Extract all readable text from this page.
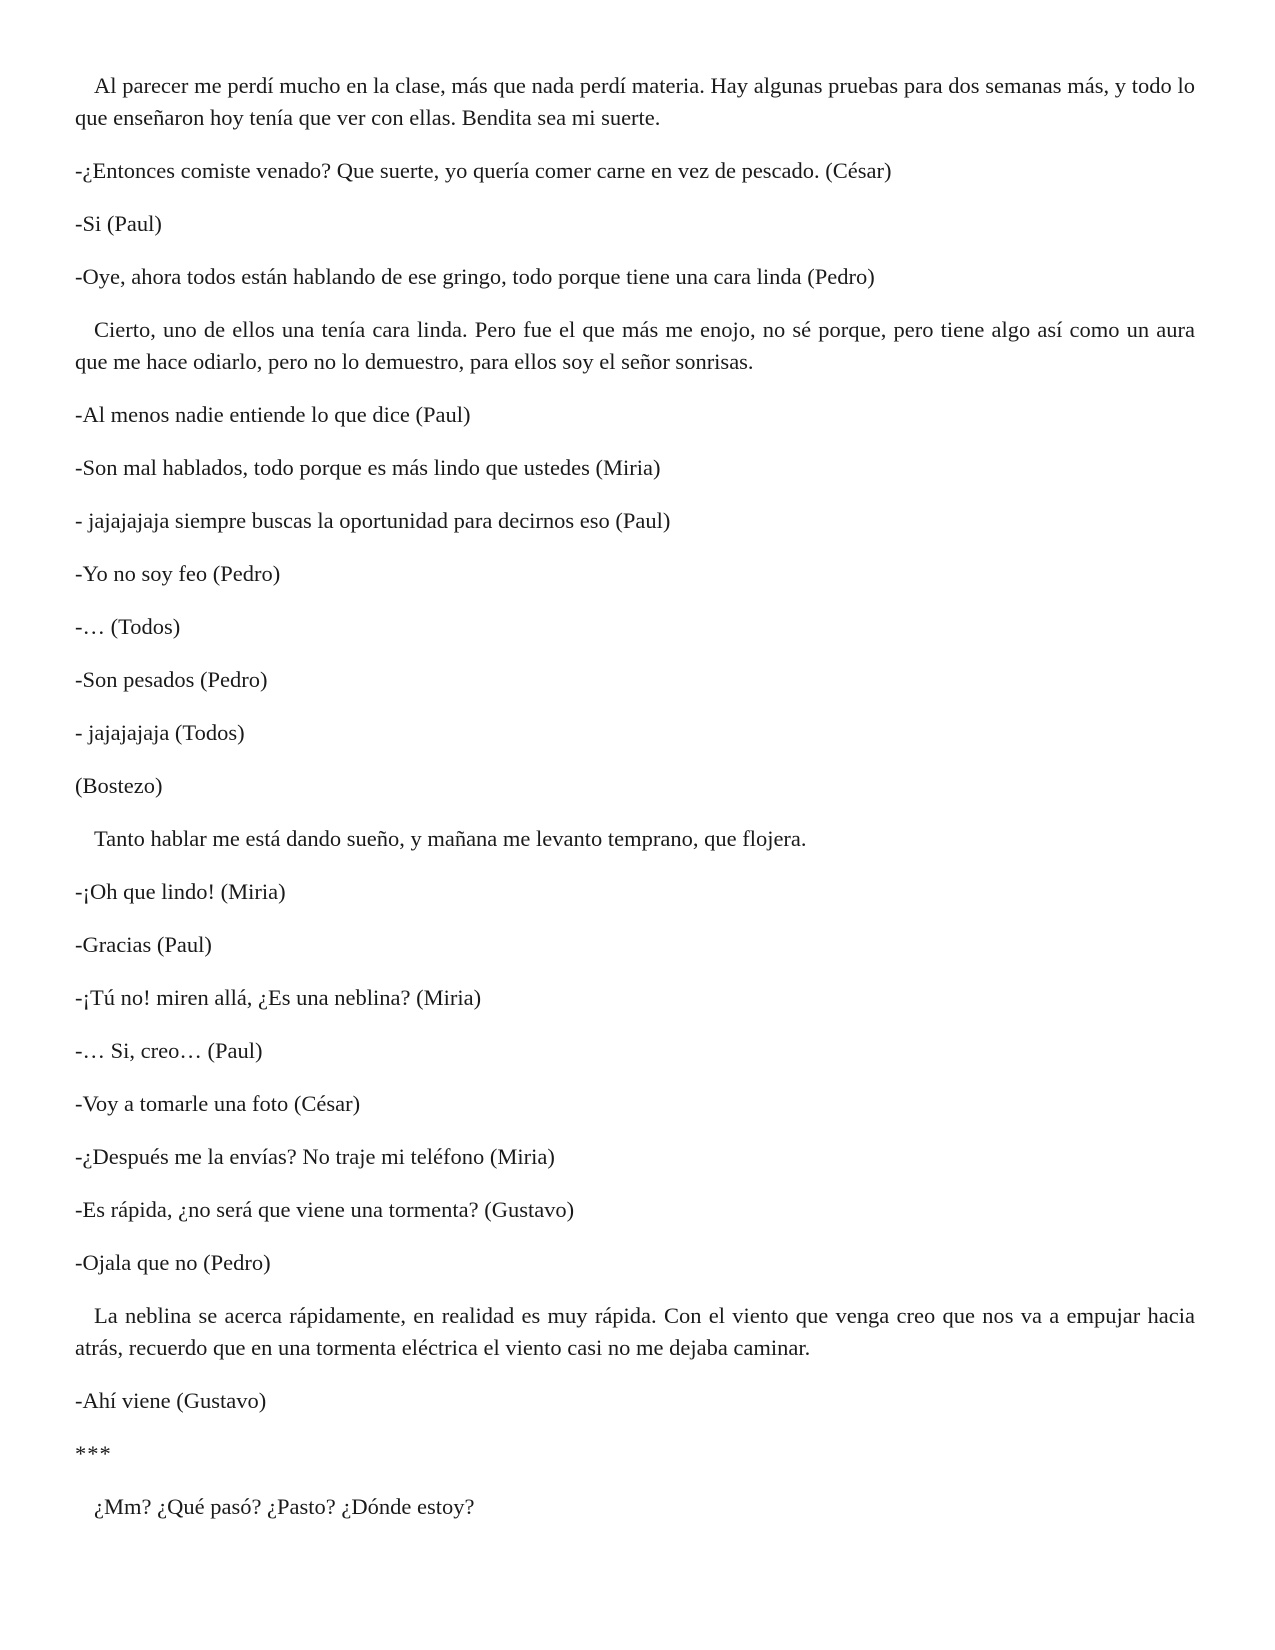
Al parecer me perdí mucho en la clase, más que nada perdí materia. Hay algunas pruebas para dos semanas más, y todo lo que enseñaron hoy tenía que ver con ellas. Bendita sea mi suerte.

-¿Entonces comiste venado? Que suerte, yo quería comer carne en vez de pescado. (César)

-Si (Paul)

-Oye, ahora todos están hablando de ese gringo, todo porque tiene una cara linda (Pedro)

Cierto, uno de ellos una tenía cara linda. Pero fue el que más me enojo, no sé porque, pero tiene algo así como un aura que me hace odiarlo, pero no lo demuestro, para ellos soy el señor sonrisas.

-Al menos nadie entiende lo que dice (Paul)

-Son mal hablados, todo porque es más lindo que ustedes (Miria)

- jajajajaja siempre buscas la oportunidad para decirnos eso (Paul)

-Yo no soy feo (Pedro)

-… (Todos)

-Son pesados (Pedro)

- jajajajaja (Todos)

(Bostezo)

Tanto hablar me está dando sueño, y mañana me levanto temprano, que flojera.

-¡Oh que lindo! (Miria)

-Gracias (Paul)

-¡Tú no! miren allá, ¿Es una neblina? (Miria)

-… Si, creo… (Paul)

-Voy a tomarle una foto (César)

-¿Después me la envías? No traje mi teléfono (Miria)

-Es rápida, ¿no será que viene una tormenta? (Gustavo)

-Ojala que no (Pedro)

La neblina se acerca rápidamente, en realidad es muy rápida. Con el viento que venga creo que nos va a empujar hacia atrás, recuerdo que en una tormenta eléctrica el viento casi no me dejaba caminar.

-Ahí viene (Gustavo)

***

¿Mm? ¿Qué pasó? ¿Pasto? ¿Dónde estoy?
